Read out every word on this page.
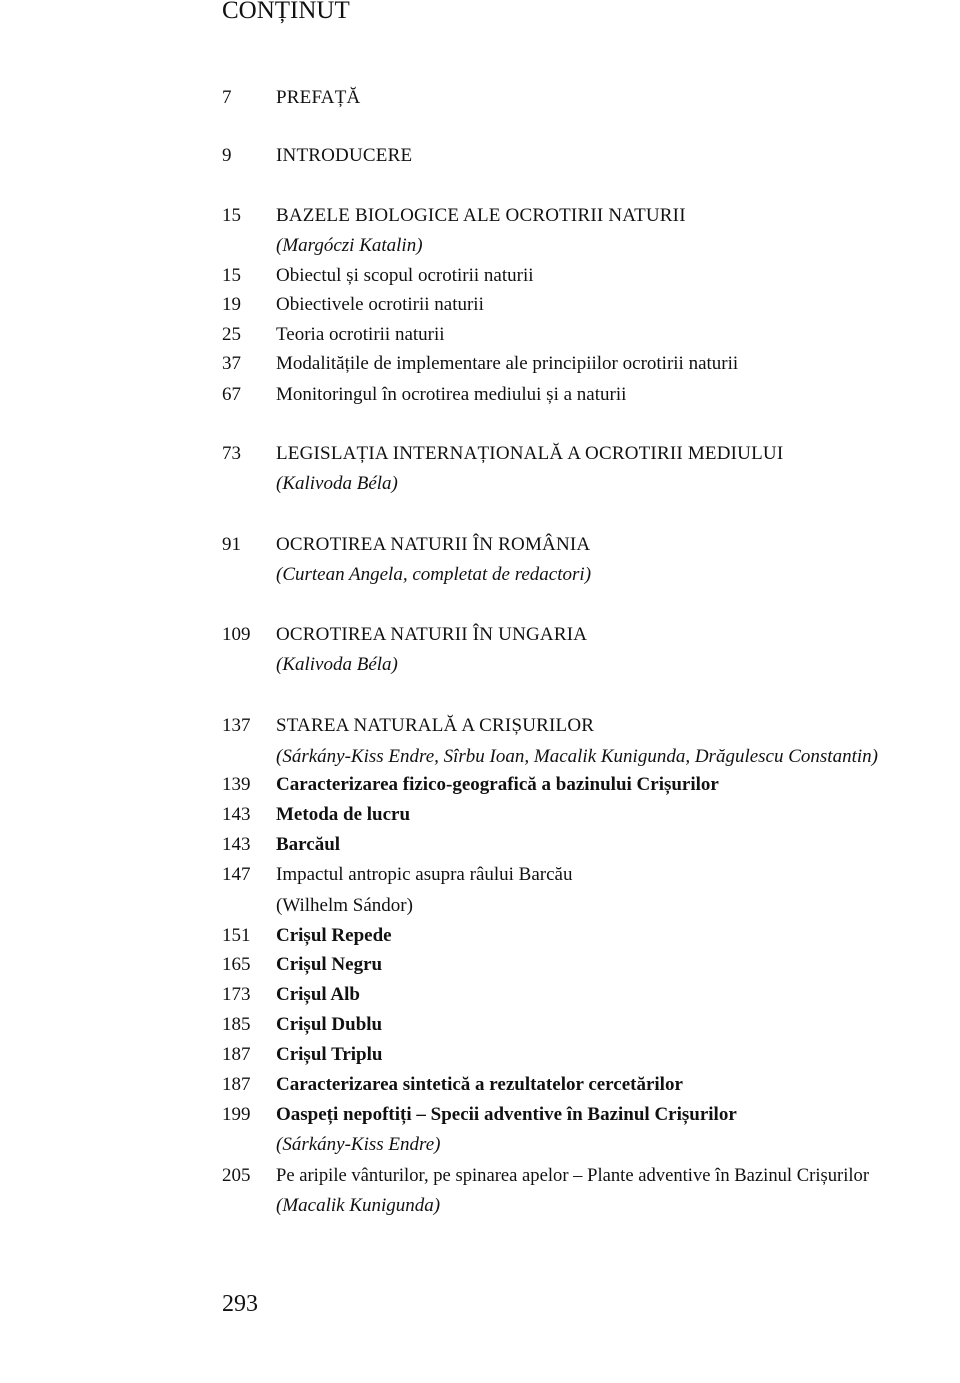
CONȚINUT
7 PREFAȚĂ
9 INTRODUCERE
15 BAZELE BIOLOGICE ALE OCROTIRII NATURII
(Margóczi Katalin)
15 Obiectul și scopul ocrotirii naturii
19 Obiectivele ocrotirii naturii
25 Teoria ocrotirii naturii
37 Modalitățile de implementare ale principiilor ocrotirii naturii
67 Monitoringul în ocrotirea mediului și a naturii
73 LEGISLAȚIA INTERNAȚIONALĂ A OCROTIRII MEDIULUI
(Kalivoda Béla)
91 OCROTIREA NATURII ÎN ROMÂNIA
(Curtean Angela, completat de redactori)
109 OCROTIREA NATURII ÎN UNGARIA
(Kalivoda Béla)
137 STAREA NATURALĂ A CRIȘURILOR
(Sárkány-Kiss Endre, Sîrbu Ioan, Macalik Kunigunda, Drăgulescu Constantin)
139 Caracterizarea fizico-geografică a bazinului Crișurilor
143 Metoda de lucru
143 Barcăul
147 Impactul antropic asupra râului Barcău
(Wilhelm Sándor)
151 Crișul Repede
165 Crișul Negru
173 Crișul Alb
185 Crișul Dublu
187 Crișul Triplu
187 Caracterizarea sintetică a rezultatelor cercetărilor
199 Oaspeți nepoftiți – Specii adventive în Bazinul Crișurilor
(Sárkány-Kiss Endre)
205 Pe aripile vânturilor, pe spinarea apelor – Plante adventive în Bazinul Crișurilor
(Macalik Kunigunda)
293
